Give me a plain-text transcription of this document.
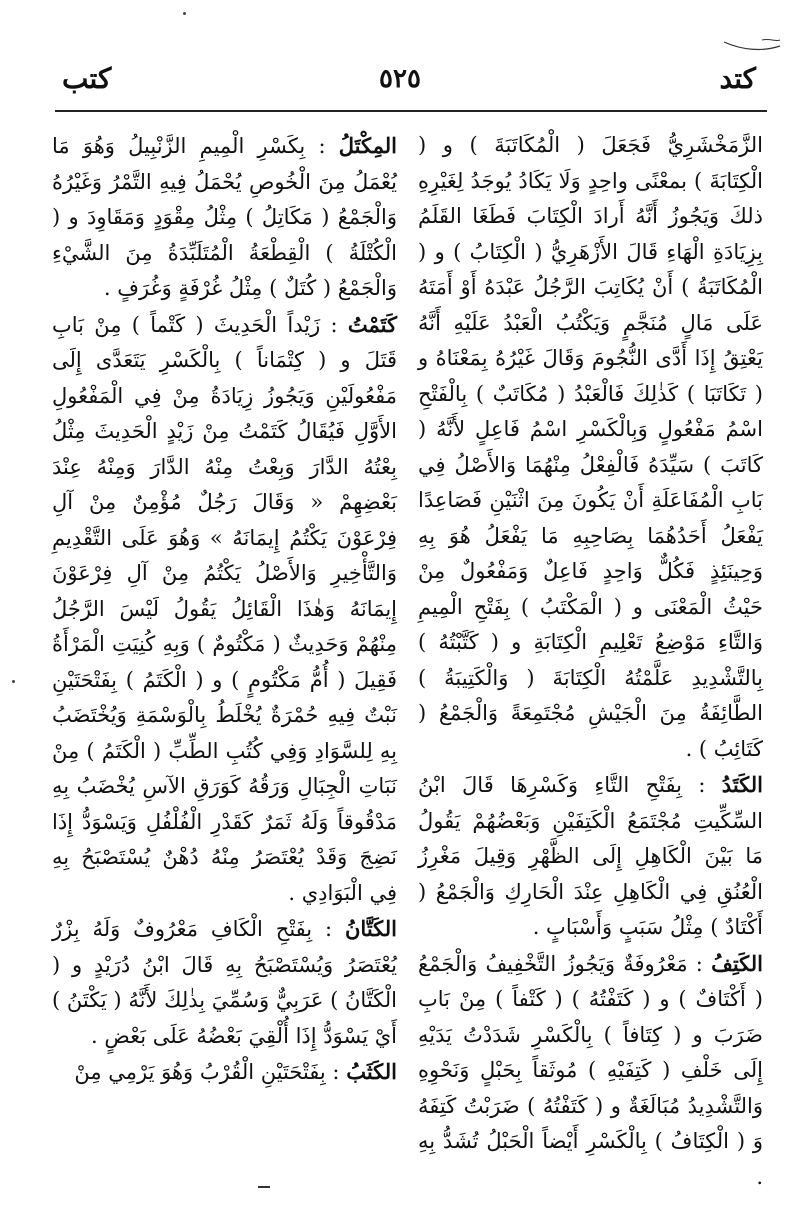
كتد
٥٢٥
كتب

الزَّمَخْشَرِيُّ فَجَعَلَ ( الْمُكَاتَبَةَ ) و ( الْكِتَابَةَ ) بمعْنًى واحِدٍ وَلَا يَكَادُ يُوجَدُ لِغَيْرِهِ ذلكَ وَيَجُوزُ أَنَّهُ أَرادَ الْكِتَابَ فَطَغَا القَلَمُ بِزِيَادَةِ الْهَاءِ قَالَ الأَزْهَرِيُّ ( الْكِتَابُ ) و ( الْمُكَاتَبَةُ ) أَنْ يُكَاتِبَ الرَّجُلُ عَبْدَهُ أَوْ أَمَتَهُ عَلَى مَالٍ مُنَجَّمٍ وَيَكْتُبُ الْعَبْدُ عَلَيْهِ أَنَّهُ يَعْتِقُ إِذَا أَدَّى النُّجُومَ وَقَالَ غَيْرُهُ بِمَعْنَاهُ و ( تَكَاتَبَا ) كَذٰلِكَ فَالْعَبْدُ ( مُكَاتَبٌ ) بِالْفَتْحِ اسْمُ مَفْعُولٍ وَبِالْكَسْرِ اسْمُ فَاعِلٍ لأَنَّهُ ( كَاتَبَ ) سَيِّدَهُ فَالْفِعْلُ مِنْهُمَا وَالأَصْلُ فِي بَابِ الْمُفَاعَلَةِ أَنْ يَكُونَ مِنَ اثْنَيْنِ فَصَاعِدًا يَفْعَلُ أَحَدُهُمَا بِصَاحِبِهِ مَا يَفْعَلُ هُوَ بِهِ وَحِينَئِذٍ فَكُلٌّ وَاحِدٍ فَاعِلٌ وَمَفْعُولٌ مِنْ حَيْثُ الْمَعْنَى و ( الْمَكْتَبُ ) بِفَتْحِ الْمِيمِ وَالتَّاءِ مَوْضِعُ تَعْلِيمِ الْكِتَابَةِ و ( كَتَّبْتُهُ ) بِالتَّشْدِيدِ عَلَّمْتُهُ الْكِتَابَةَ ( وَالْكَتِيبَةُ ) الطَّائِفَةُ مِنَ الْجَيْشِ مُجْتَمِعَةً وَالْجَمْعُ ( كَتَائِبُ ) .

الكَتَدُ : بِفَتْحِ التَّاءِ وَكَسْرِهَا قَالَ ابْنُ السِّكِّيتِ مُجْتَمَعُ الْكَتِفَيْنِ وَبَعْضُهُمْ يَقُولُ مَا بَيْنَ الْكَاهِلِ إِلَى الظَّهْرِ وَقِيلَ مَغْرِزُ الْعُنُقِ فِي الْكَاهِلِ عِنْدَ الْحَارِكِ وَالْجَمْعُ ( أَكْتَادٌ ) مِثْلُ سَبَبٍ وَأَسْبَابٍ .

الكَتِفُ : مَعْرُوفَةٌ وَيَجُوزُ التَّخْفِيفُ وَالْجَمْعُ ( أَكْتَافٌ ) و ( كَتَفْتُهُ ) ( كَتْفاً ) مِنْ بَابِ ضَرَبَ و ( كِتَافاً ) بِالْكَسْرِ شَدَدْتُ يَدَيْهِ إِلَى خَلْفِ ( كَتِفَيْهِ ) مُوثَقاً بِحَبْلٍ وَنَحْوِهِ وَالتَّشْدِيدُ مُبَالَغَةٌ و ( كَتَفْتُهُ ) ضَرَبْتُ كَتِفَهُ وَ ( الْكِتَافُ ) بِالْكَسْرِ أَيْضاً الْحَبْلُ تُشَدُّ بِهِ .

المِكْتَلُ : بِكَسْرِ الْمِيمِ الزَّنْبِيلُ وَهُوَ مَا يُعْمَلُ مِنَ الْخُوصِ يُحْمَلُ فِيهِ التَّمْرُ وَغَيْرُهُ وَالْجَمْعُ ( مَكَاتِلُ ) مِثْلُ مِقْوَدٍ وَمَقَاوِدَ و ( الْكُتْلَةُ ) الْقِطْعَةُ الْمُتَلَبِّدَةُ مِنَ الشَّيْءِ وَالْجَمْعُ ( كُتَلٌ ) مِثْلُ غُرْفَةٍ وَغُرَفٍ .

كَتَمْتُ : زَيْداً الْحَدِيثَ ( كَتْماً ) مِنْ بَابِ قَتَلَ و ( كِتْمَاناً ) بِالْكَسْرِ يَتَعَدَّى إِلَى مَفْعُولَيْنِ وَيَجُوزُ زِيَادَةُ مِنْ فِي الْمَفْعُولِ الأَوَّلِ فَيُقَالُ كَتَمْتُ مِنْ زَيْدٍ الْحَدِيثَ مِثْلُ بِعْتُهُ الدَّارَ وَبِعْتُ مِنْهُ الدَّارَ وَمِنْهُ عِنْدَ بَعْضِهِمْ « وَقَالَ رَجُلٌ مُؤْمِنٌ مِنْ آلِ فِرْعَوْنَ يَكْتُمُ إِيمَانَهُ » وَهُوَ عَلَى التَّقْدِيمِ وَالتَّأْخِيرِ وَالأَصْلُ يَكْتُمُ مِنْ آلِ فِرْعَوْنَ إِيمَانَهُ وَهٰذَا الْقَائِلُ يَقُولُ لَيْسَ الرَّجُلُ مِنْهُمْ وَحَدِيثٌ ( مَكْتُومٌ ) وَبِهِ كُنِيَتِ الْمَرْأَةُ فَقِيلَ ( أُمُّ مَكْتُومٍ ) و ( الْكَتَمُ ) بِفَتْحَتَيْنِ نَبْتٌ فِيهِ حُمْرَةٌ يُخْلَطُ بِالْوَسْمَةِ وَيُخْتَضَبُ بِهِ لِلسَّوَادِ وَفِي كُتُبِ الطِّبِّ ( الْكَتَمُ ) مِنْ نَبَاتِ الْجِبَالِ وَرَقُهُ كَوَرَقِ الآسِ يُخْضَبُ بِهِ مَدْقُوقاً وَلَهُ ثَمَرٌ كَقَدْرِ الْفُلْفُلِ وَيَسْوَدُّ إِذَا نَضِجَ وَقَدْ يُعْتَصَرُ مِنْهُ دُهْنٌ يُسْتَصْبَحُ بِهِ فِي الْبَوَادِي .

الكَتَّانُ : بِفَتْحِ الْكَافِ مَعْرُوفٌ وَلَهُ بِزْرٌ يُعْتَصَرُ وَيُسْتَصْبَحُ بِهِ قَالَ ابْنُ دُرَيْدٍ و ( الْكَتَّانُ ) عَرَبِيٌّ وَسُمِّيَ بِذٰلِكَ لأَنَّهُ ( يَكْتَنُ ) أَيْ يَسْوَدُّ إِذَا أُلْقِيَ بَعْضُهُ عَلَى بَعْضٍ .

الكَثَبُ : بِفَتْحَتَيْنِ الْقُرْبُ وَهُوَ يَرْمِي مِنْ
